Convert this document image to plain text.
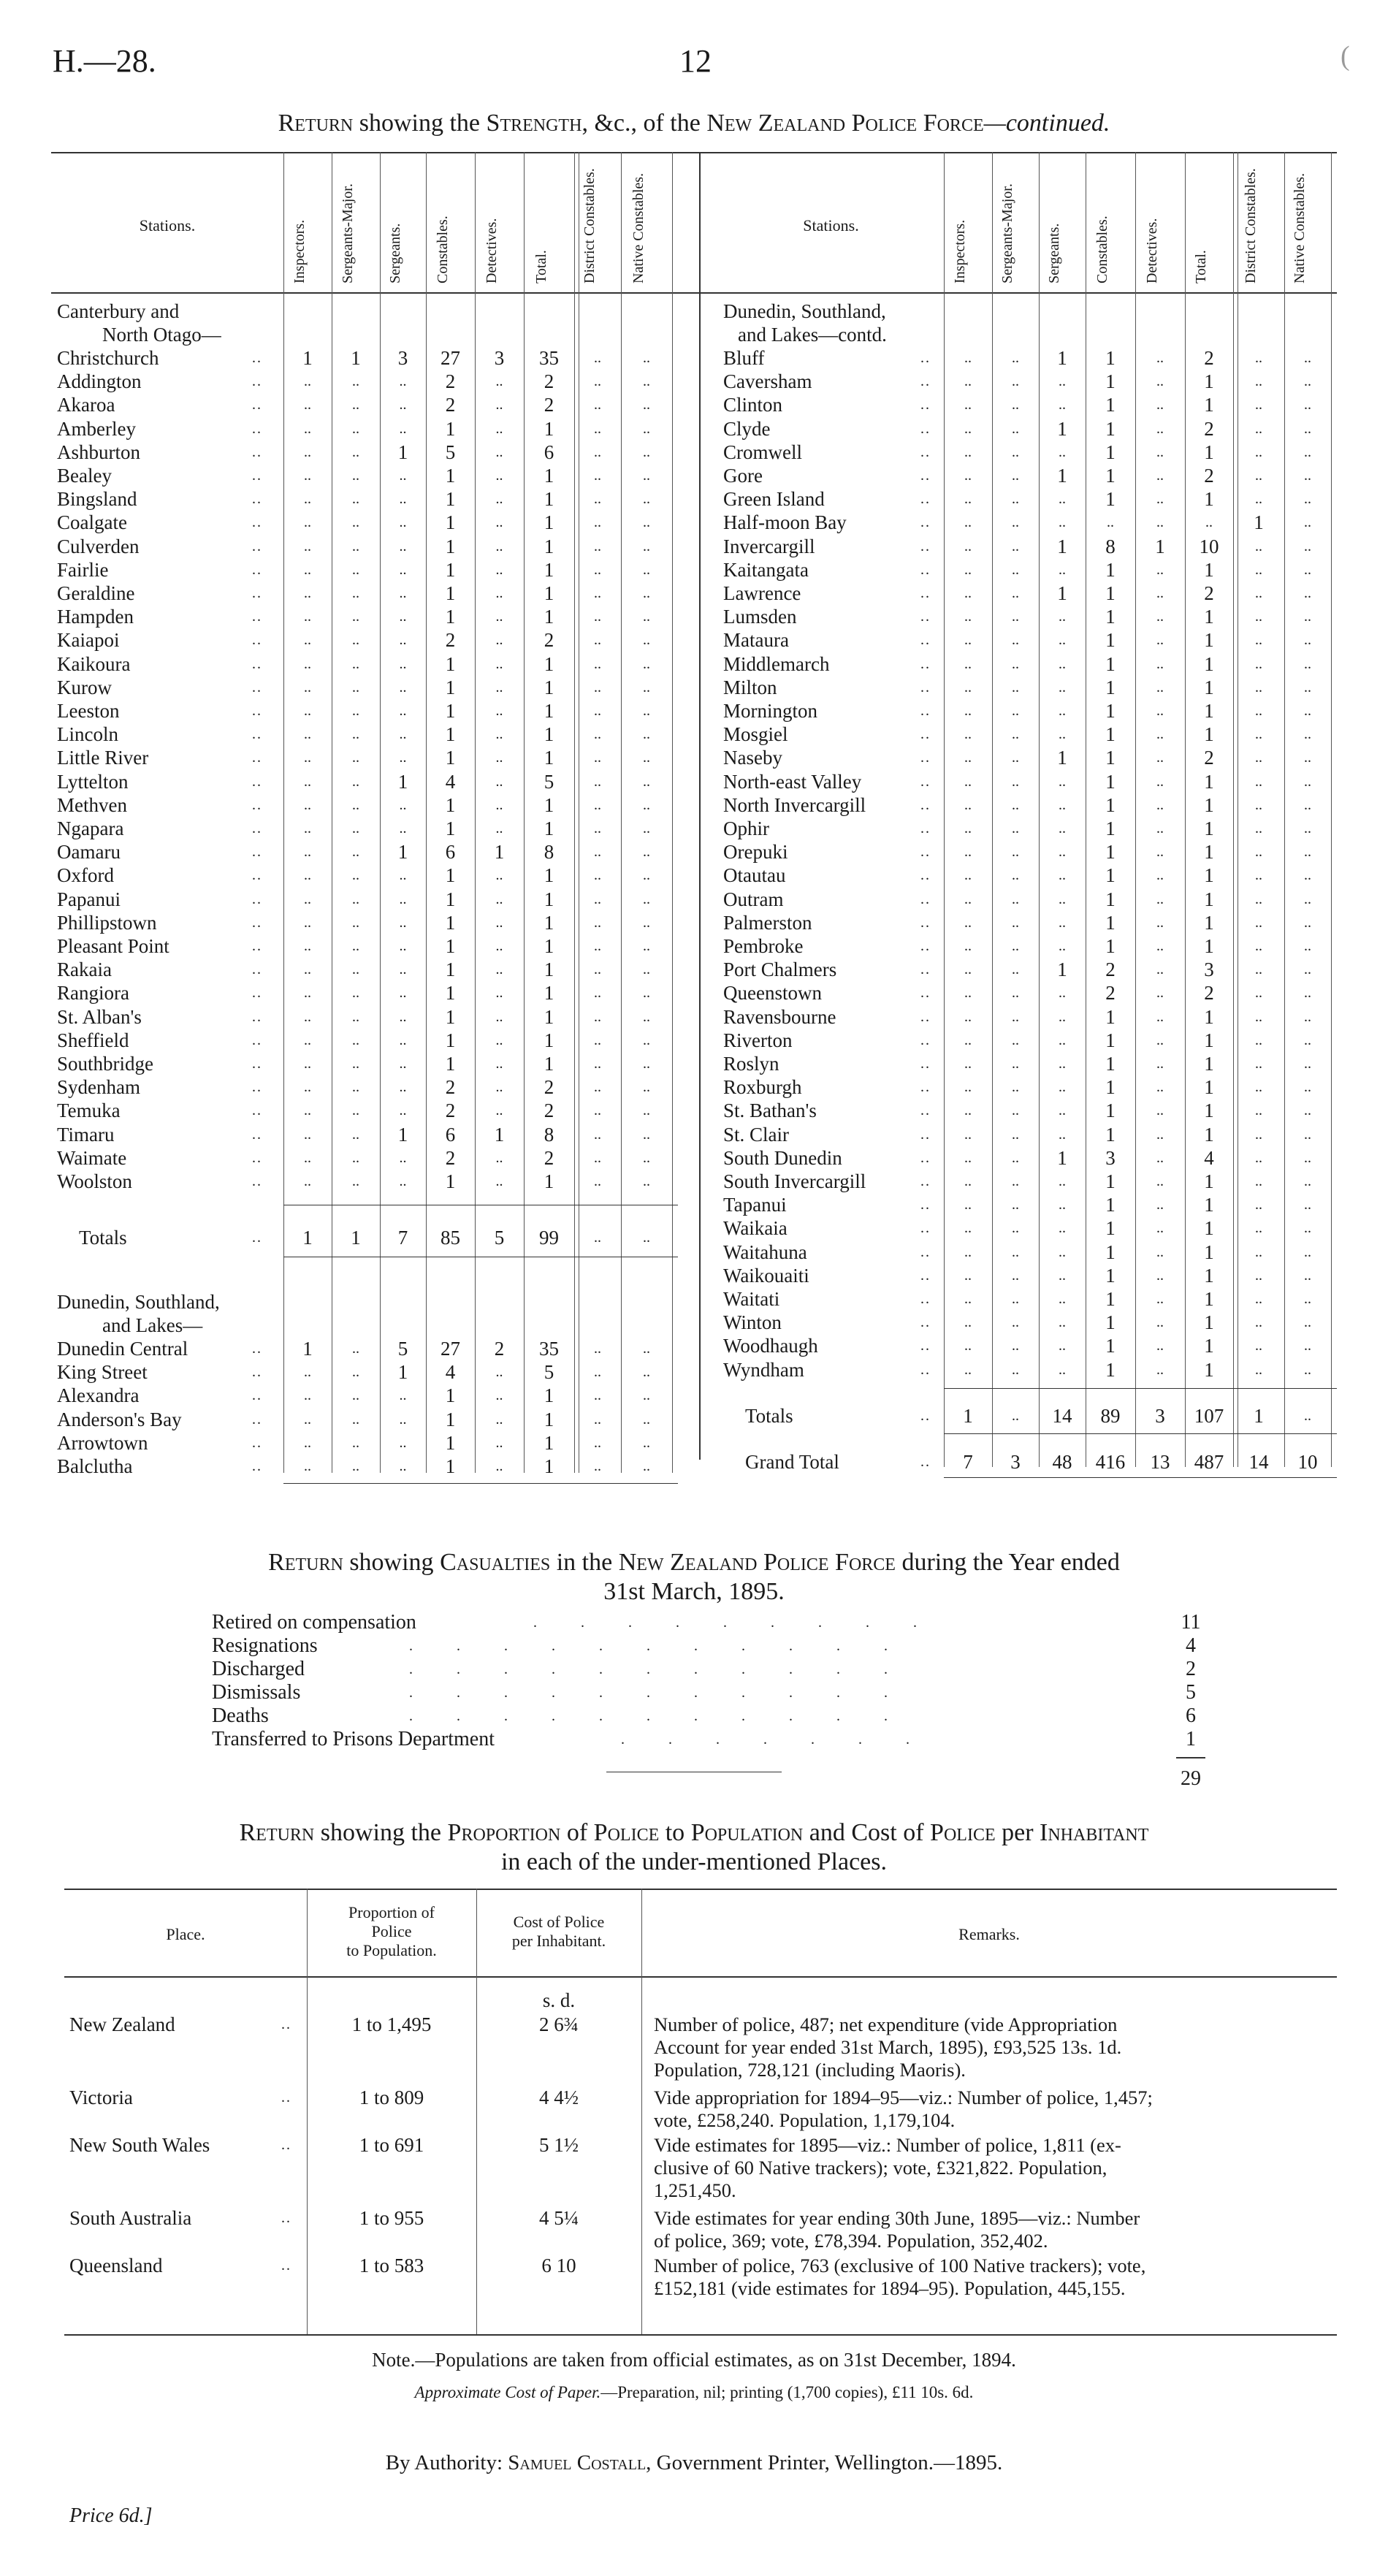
H.—28.	12	(
Return showing the Strength, &c., of the New Zealand Police Force—continued.
Stations.	Inspectors. Sergeants-Major. Sergeants. Constables. Detectives. Total. District Constables. Native Constables.	Stations.	Inspectors. Sergeants-Major. Sergeants. Constables. Detectives. Total. District Constables. Native Constables.
Canterbury and
North Otago—
Christchurch	..	1	1	3	27	3	35	..	..
Addington	..	..	..	..	2	..	2	..	..
Akaroa	..	..	..	..	2	..	2	..	..
Amberley	..	..	..	..	1	..	1	..	..
Ashburton	..	..	..	1	5	..	6	..	..
Bealey	..	..	..	..	1	..	1	..	..
Bingsland	..	..	..	..	1	..	1	..	..
Coalgate	..	..	..	..	1	..	1	..	..
Culverden	..	..	..	..	1	..	1	..	..
Fairlie	..	..	..	..	1	..	1	..	..
Geraldine	..	..	..	..	1	..	1	..	..
Hampden	..	..	..	..	1	..	1	..	..
Kaiapoi	..	..	..	..	2	..	2	..	..
Kaikoura	..	..	..	..	1	..	1	..	..
Kurow	..	..	..	..	1	..	1	..	..
Leeston	..	..	..	..	1	..	1	..	..
Lincoln	..	..	..	..	1	..	1	..	..
Little River	..	..	..	..	1	..	1	..	..
Lyttelton	..	..	..	1	4	..	5	..	..
Methven	..	..	..	..	1	..	1	..	..
Ngapara	..	..	..	..	1	..	1	..	..
Oamaru	..	..	..	1	6	1	8	..	..
Oxford	..	..	..	..	1	..	1	..	..
Papanui	..	..	..	..	1	..	1	..	..
Phillipstown	..	..	..	..	1	..	1	..	..
Pleasant Point	..	..	..	..	1	..	1	..	..
Rakaia	..	..	..	..	1	..	1	..	..
Rangiora	..	..	..	..	1	..	1	..	..
St. Alban's	..	..	..	..	1	..	1	..	..
Sheffield	..	..	..	..	1	..	1	..	..
Southbridge	..	..	..	..	1	..	1	..	..
Sydenham	..	..	..	..	2	..	2	..	..
Temuka	..	..	..	..	2	..	2	..	..
Timaru	..	..	..	1	6	1	8	..	..
Waimate	..	..	..	..	2	..	2	..	..
Woolston	..	..	..	..	1	..	1	..	..
Totals	..	1	1	7	85	5	99	..	..
Dunedin, Southland,
and Lakes—
Dunedin Central	..	1	..	5	27	2	35	..	..
King Street	..	..	..	1	4	..	5	..	..
Alexandra	..	..	..	..	1	..	1	..	..
Anderson's Bay	..	..	..	..	1	..	1	..	..
Arrowtown	..	..	..	..	1	..	1	..	..
Balclutha	..	..	..	..	1	..	1	..	..
Dunedin, Southland,
and Lakes—contd.
Bluff	..	..	..	1	1	..	2	..	..
Caversham	..	..	..	..	1	..	1	..	..
Clinton	..	..	..	..	1	..	1	..	..
Clyde	..	..	..	1	1	..	2	..	..
Cromwell	..	..	..	..	1	..	1	..	..
Gore	..	..	..	1	1	..	2	..	..
Green Island	..	..	..	..	1	..	1	..	..
Half-moon Bay	..	..	..	..	..	..	..	1	..
Invercargill	..	..	..	1	8	1	10	..	..
Kaitangata	..	..	..	..	1	..	1	..	..
Lawrence	..	..	..	1	1	..	2	..	..
Lumsden	..	..	..	..	1	..	1	..	..
Mataura	..	..	..	..	1	..	1	..	..
Middlemarch	..	..	..	..	1	..	1	..	..
Milton	..	..	..	..	1	..	1	..	..
Mornington	..	..	..	..	1	..	1	..	..
Mosgiel	..	..	..	..	1	..	1	..	..
Naseby	..	..	..	1	1	..	2	..	..
North-east Valley	..	..	..	..	1	..	1	..	..
North Invercargill	..	..	..	..	1	..	1	..	..
Ophir	..	..	..	..	1	..	1	..	..
Orepuki	..	..	..	..	1	..	1	..	..
Otautau	..	..	..	..	1	..	1	..	..
Outram	..	..	..	..	1	..	1	..	..
Palmerston	..	..	..	..	1	..	1	..	..
Pembroke	..	..	..	..	1	..	1	..	..
Port Chalmers	..	..	..	1	2	..	3	..	..
Queenstown	..	..	..	..	2	..	2	..	..
Ravensbourne	..	..	..	..	1	..	1	..	..
Riverton	..	..	..	..	1	..	1	..	..
Roslyn	..	..	..	..	1	..	1	..	..
Roxburgh	..	..	..	..	1	..	1	..	..
St. Bathan's	..	..	..	..	1	..	1	..	..
St. Clair	..	..	..	..	1	..	1	..	..
South Dunedin	..	..	..	1	3	..	4	..	..
South Invercargill	..	..	..	..	1	..	1	..	..
Tapanui	..	..	..	..	1	..	1	..	..
Waikaia	..	..	..	..	1	..	1	..	..
Waitahuna	..	..	..	..	1	..	1	..	..
Waikouaiti	..	..	..	..	1	..	1	..	..
Waitati	..	..	..	..	1	..	1	..	..
Winton	..	..	..	..	1	..	1	..	..
Woodhaugh	..	..	..	..	1	..	1	..	..
Wyndham	..	..	..	..	1	..	1	..	..
Totals	..	1	..	14	89	3	107	1	..
Grand Total	..	7	3	48	416	13	487	14	10
Return showing Casualties in the New Zealand Police Force during the Year ended
31st March, 1895.
Retired on compensation	.........	11
Resignations	...........	4
Discharged	...........	2
Dismissals	...........	5
Deaths	...........	6
Transferred to Prisons Department	.......	1
29
Return showing the Proportion of Police to Population and Cost of Police per Inhabitant
in each of the under-mentioned Places.
Place.
Proportion of
Police
to Population.
Cost of Police
per Inhabitant.	Remarks.
s. d.
New Zealand	..	1 to 1,495	2 6¾	Number of police, 487; net expenditure (vide Appropriation
Account for year ended 31st March, 1895), £93,525 13s. 1d.
Population, 728,121 (including Maoris).
Victoria	..	1 to 809	4 4½	Vide appropriation for 1894–95—viz.: Number of police, 1,457;
vote, £258,240. Population, 1,179,104.
New South Wales	..	1 to 691	5 1½	Vide estimates for 1895—viz.: Number of police, 1,811 (ex-
clusive of 60 Native trackers); vote, £321,822. Population,
1,251,450.
South Australia	..	1 to 955	4 5¼	Vide estimates for year ending 30th June, 1895—viz.: Number
of police, 369; vote, £78,394. Population, 352,402.
Queensland	..	1 to 583	6 10	Number of police, 763 (exclusive of 100 Native trackers); vote,
£152,181 (vide estimates for 1894–95). Population, 445,155.
Note.—Populations are taken from official estimates, as on 31st December, 1894.
Approximate Cost of Paper.—Preparation, nil; printing (1,700 copies), £11 10s. 6d.
By Authority: Samuel Costall, Government Printer, Wellington.—1895.
Price 6d.]
